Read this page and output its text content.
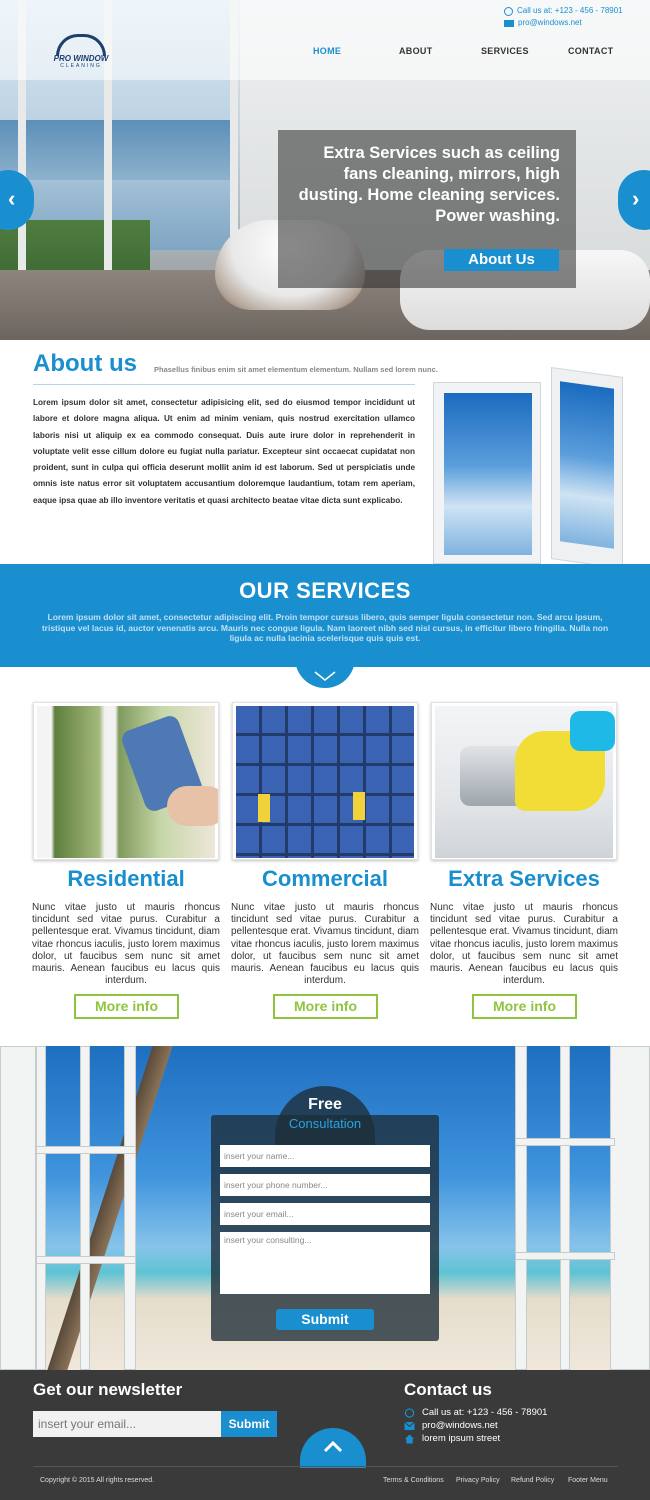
PRO WINDOW
CLEANING
Call us at: +123 - 456 - 78901
pro@windows.net
HOME	ABOUT	SERVICES	CONTACT
Extra Services such as ceiling fans cleaning, mirrors, high dusting. Home cleaning services. Power washing.
About Us
‹	›
About us Phasellus finibus enim sit amet elementum elementum. Nullam sed lorem nunc.
Lorem ipsum dolor sit amet, consectetur adipisicing elit, sed do eiusmod tempor incididunt ut labore et dolore magna aliqua. Ut enim ad minim veniam, quis nostrud exercitation ullamco laboris nisi ut aliquip ex ea commodo consequat. Duis aute irure dolor in reprehenderit in voluptate velit esse cillum dolore eu fugiat nulla pariatur. Excepteur sint occaecat cupidatat non proident, sunt in culpa qui officia deserunt mollit anim id est laborum. Sed ut perspiciatis unde omnis iste natus error sit voluptatem accusantium doloremque laudantium, totam rem aperiam, eaque ipsa quae ab illo inventore veritatis et quasi architecto beatae vitae dicta sunt explicabo.
OUR SERVICES
Lorem ipsum dolor sit amet, consectetur adipiscing elit. Proin tempor cursus libero, quis semper ligula consectetur non. Sed arcu ipsum, tristique vel lacus id, auctor venenatis arcu. Mauris nec congue ligula. Nam laoreet nibh sed nisl cursus, in efficitur libero fringilla. Nulla non ligula ac nulla lacinia scelerisque quis quis est.
Residential	Commercial	Extra Services
Nunc vitae justo ut mauris rhoncus tincidunt sed vitae purus. Curabitur a pellentesque erat. Vivamus tincidunt, diam vitae rhoncus iaculis, justo lorem maximus dolor, ut faucibus sem nunc sit amet mauris. Aenean faucibus eu lacus quis interdum.
Nunc vitae justo ut mauris rhoncus tincidunt sed vitae purus. Curabitur a pellentesque erat. Vivamus tincidunt, diam vitae rhoncus iaculis, justo lorem maximus dolor, ut faucibus sem nunc sit amet mauris. Aenean faucibus eu lacus quis interdum.
Nunc vitae justo ut mauris rhoncus tincidunt sed vitae purus. Curabitur a pellentesque erat. Vivamus tincidunt, diam vitae rhoncus iaculis, justo lorem maximus dolor, ut faucibus sem nunc sit amet mauris. Aenean faucibus eu lacus quis interdum.
More info	More info	More info
Free
Consultation
insert your name...
insert your phone number...
insert your email...
insert your consulting...
Submit
Get our newsletter
insert your email...	Submit
Contact us
Call us at: +123 - 456 - 78901
pro@windows.net
lorem ipsum street
Copyright © 2015 All rights reserved.	Terms & Conditions Privacy Policy Refund Policy Footer Menu
